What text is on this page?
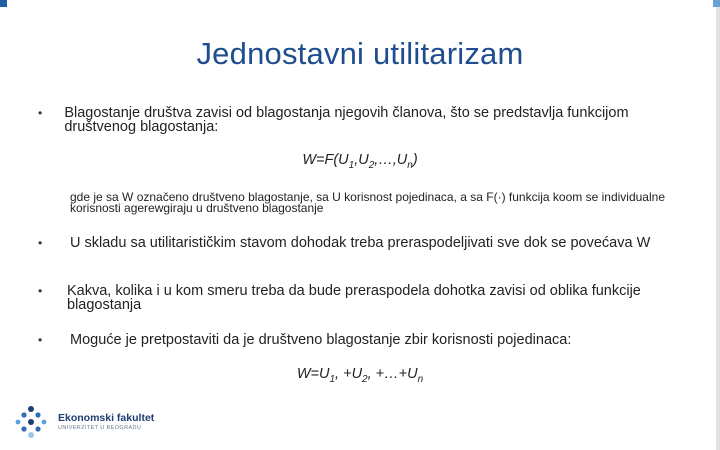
Jednostavni utilitarizam
•	Blagostanje društva zavisi od blagostanja njegovih članova, što se predstavlja funkcijom društvenog blagostanja:
$W=F(U_1,U_2,\dots,U_n)$
gde je sa W označeno društveno blagostanje, sa U korisnost pojedinaca, a sa F(·) funkcija koom se individualne korisnosti agerewgiraju u društveno blagostanje
•	U skladu sa utilitarističkim stavom dohodak treba preraspodeljivati sve dok se povećava W
•	Kakva, kolika i u kom smeru treba da bude preraspodela dohotka zavisi od oblika funkcije blagostanja
•	Moguće je pretpostaviti da je društveno blagostanje zbir korisnosti pojedinaca:
$W=U_1$, $+U_2$, $+\dots+U_n$
Ekonomski fakultet
UNIVERZITET U BEOGRADU
